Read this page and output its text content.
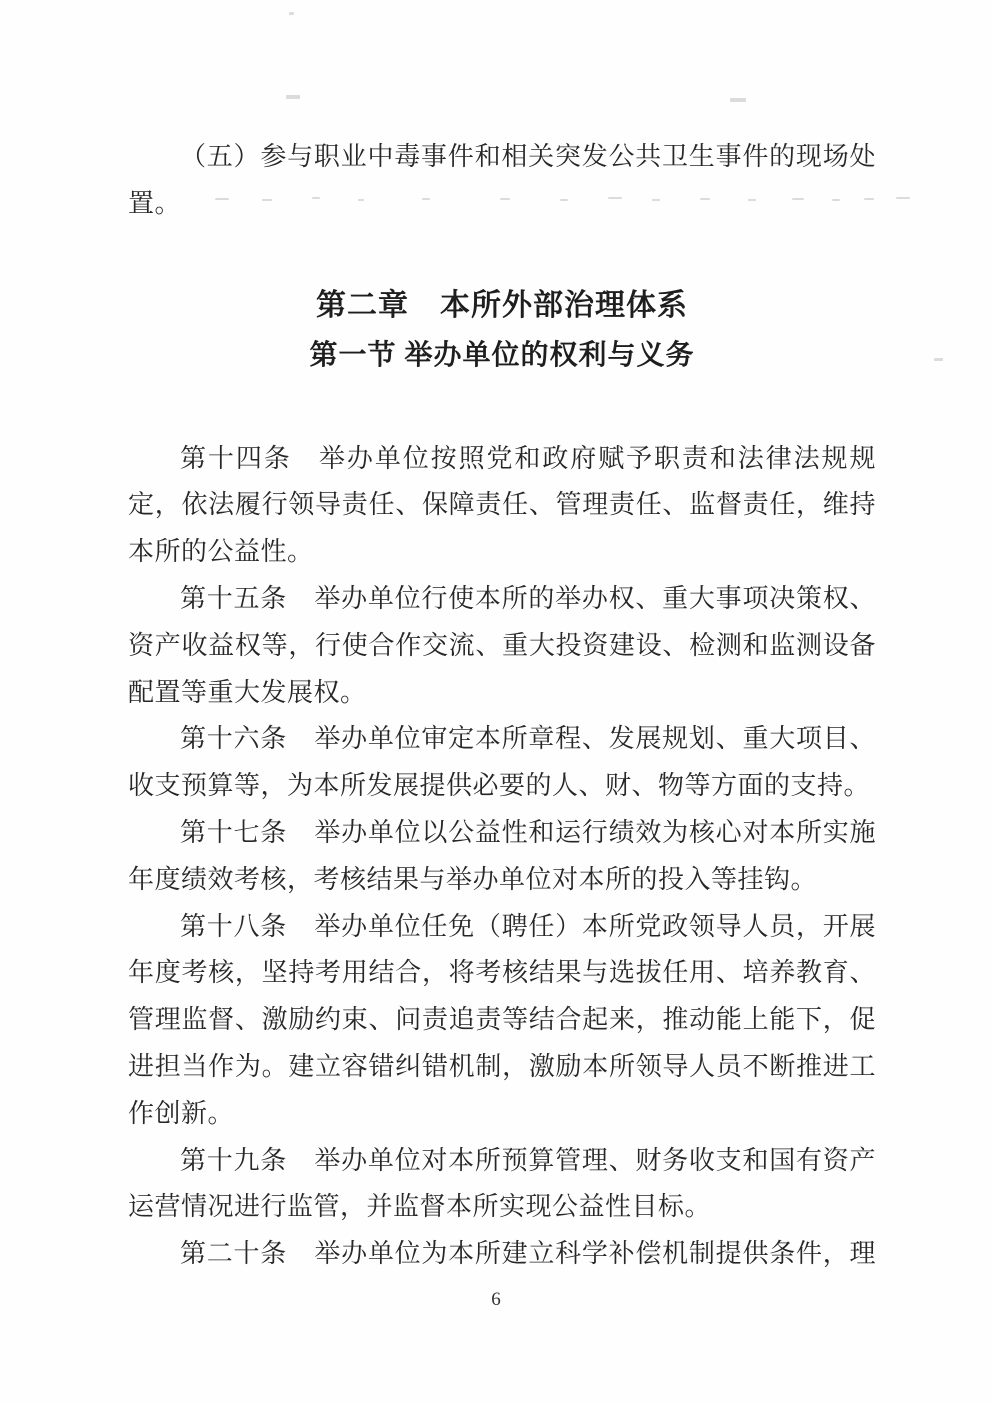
（五）参与职业中毒事件和相关突发公共卫生事件的现场处置。

第二章　本所外部治理体系
第一节 举办单位的权利与义务

第十四条 举办单位按照党和政府赋予职责和法律法规规定，依法履行领导责任、保障责任、管理责任、监督责任，维持本所的公益性。

第十五条 举办单位行使本所的举办权、重大事项决策权、资产收益权等，行使合作交流、重大投资建设、检测和监测设备配置等重大发展权。

第十六条 举办单位审定本所章程、发展规划、重大项目、收支预算等，为本所发展提供必要的人、财、物等方面的支持。

第十七条 举办单位以公益性和运行绩效为核心对本所实施年度绩效考核，考核结果与举办单位对本所的投入等挂钩。

第十八条 举办单位任免（聘任）本所党政领导人员，开展年度考核，坚持考用结合，将考核结果与选拔任用、培养教育、管理监督、激励约束、问责追责等结合起来，推动能上能下，促进担当作为。建立容错纠错机制，激励本所领导人员不断推进工作创新。

第十九条 举办单位对本所预算管理、财务收支和国有资产运营情况进行监管，并监督本所实现公益性目标。

第二十条 举办单位为本所建立科学补偿机制提供条件，理

6
